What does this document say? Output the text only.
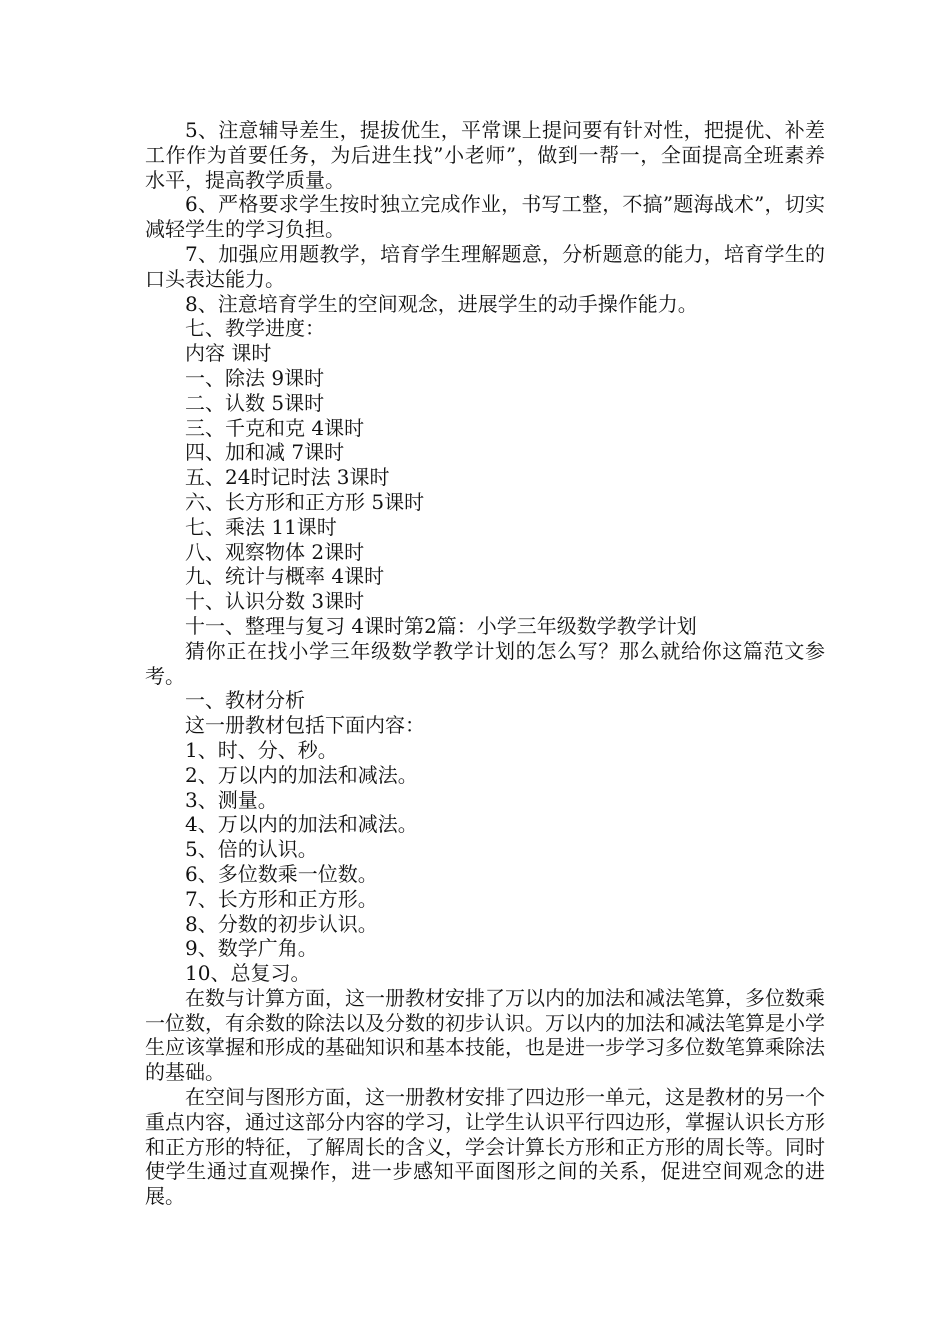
5、注意辅导差生，提拔优生，平常课上提问要有针对性，把提优、补差工作作为首要任务，为后进生找”小老师”，做到一帮一，全面提高全班素养水平，提高教学质量。

6、严格要求学生按时独立完成作业，书写工整，不搞”题海战术”，切实减轻学生的学习负担。

7、加强应用题教学，培育学生理解题意，分析题意的能力，培育学生的口头表达能力。

8、注意培育学生的空间观念，进展学生的动手操作能力。

七、教学进度：

内容 课时

一、除法 9课时

二、认数 5课时

三、千克和克 4课时

四、加和减 7课时

五、24时记时法 3课时

六、长方形和正方形 5课时

七、乘法 11课时

八、观察物体 2课时

九、统计与概率 4课时

十、认识分数 3课时

十一、整理与复习 4课时第2篇：小学三年级数学教学计划

猜你正在找小学三年级数学教学计划的怎么写？那么就给你这篇范文参考。

一、教材分析

这一册教材包括下面内容：

1、时、分、秒。

2、万以内的加法和减法。

3、测量。

4、万以内的加法和减法。

5、倍的认识。

6、多位数乘一位数。

7、长方形和正方形。

8、分数的初步认识。

9、数学广角。

10、总复习。

在数与计算方面，这一册教材安排了万以内的加法和减法笔算，多位数乘一位数，有余数的除法以及分数的初步认识。万以内的加法和减法笔算是小学生应该掌握和形成的基础知识和基本技能，也是进一步学习多位数笔算乘除法的基础。

在空间与图形方面，这一册教材安排了四边形一单元，这是教材的另一个重点内容，通过这部分内容的学习，让学生认识平行四边形，掌握认识长方形和正方形的特征，了解周长的含义，学会计算长方形和正方形的周长等。同时使学生通过直观操作，进一步感知平面图形之间的关系，促进空间观念的进展。
